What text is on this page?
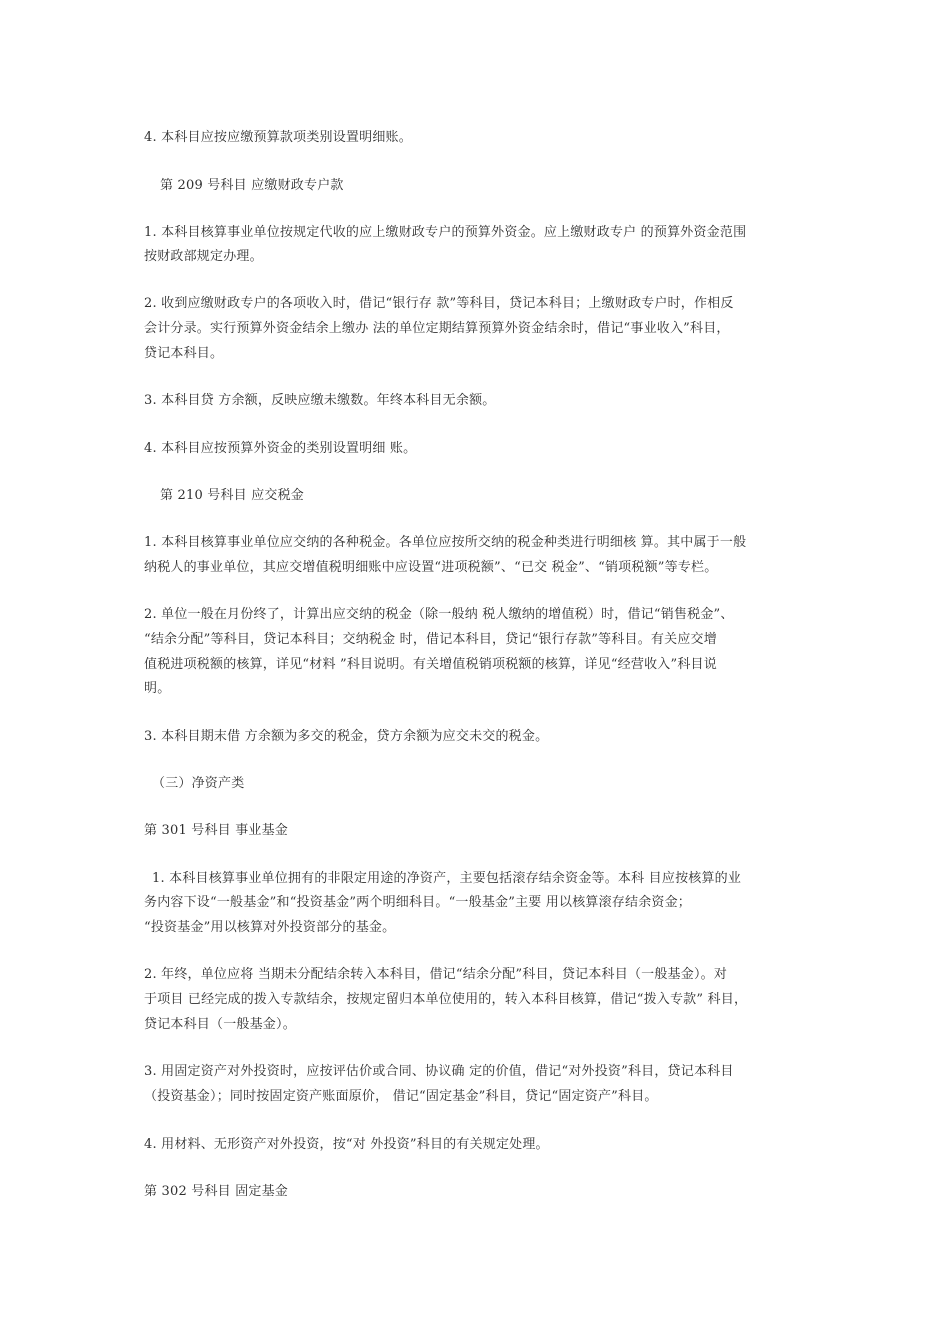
4. 本科目应按应缴预算款项类别设置明细账。
第 209 号科目 应缴财政专户款
1. 本科目核算事业单位按规定代收的应上缴财政专户的预算外资金。应上缴财政专户 的预算外资金范围
按财政部规定办理。
2. 收到应缴财政专户的各项收入时，借记“银行存 款”等科目，贷记本科目；上缴财政专户时，作相反
会计分录。实行预算外资金结余上缴办 法的单位定期结算预算外资金结余时，借记“事业收入”科目，
贷记本科目。
3. 本科目贷 方余额，反映应缴未缴数。年终本科目无余额。
4. 本科目应按预算外资金的类别设置明细 账。
第 210 号科目 应交税金
1. 本科目核算事业单位应交纳的各种税金。各单位应按所交纳的税金种类进行明细核 算。其中属于一般
纳税人的事业单位，其应交增值税明细账中应设置“进项税额”、“已交 税金”、“销项税额”等专栏。
2. 单位一般在月份终了，计算出应交纳的税金（除一般纳 税人缴纳的增值税）时，借记“销售税金”、
“结余分配”等科目，贷记本科目；交纳税金 时，借记本科目，贷记“银行存款”等科目。有关应交增
值税进项税额的核算，详见“材料 ”科目说明。有关增值税销项税额的核算，详见“经营收入”科目说
明。
3. 本科目期末借 方余额为多交的税金，贷方余额为应交未交的税金。
（三）净资产类
第 301 号科目 事业基金
1. 本科目核算事业单位拥有的非限定用途的净资产，主要包括滚存结余资金等。本科 目应按核算的业
务内容下设“一般基金”和“投资基金”两个明细科目。“一般基金”主要 用以核算滚存结余资金；
“投资基金”用以核算对外投资部分的基金。
2. 年终，单位应将 当期未分配结余转入本科目，借记“结余分配”科目，贷记本科目（一般基金）。对
于项目 已经完成的拨入专款结余，按规定留归本单位使用的，转入本科目核算，借记“拨入专款” 科目，
贷记本科目（一般基金）。
3. 用固定资产对外投资时，应按评估价或合同、协议确 定的价值，借记“对外投资”科目，贷记本科目
（投资基金）；同时按固定资产账面原价， 借记“固定基金”科目，贷记“固定资产”科目。
4. 用材料、无形资产对外投资，按“对 外投资”科目的有关规定处理。
第 302 号科目 固定基金
